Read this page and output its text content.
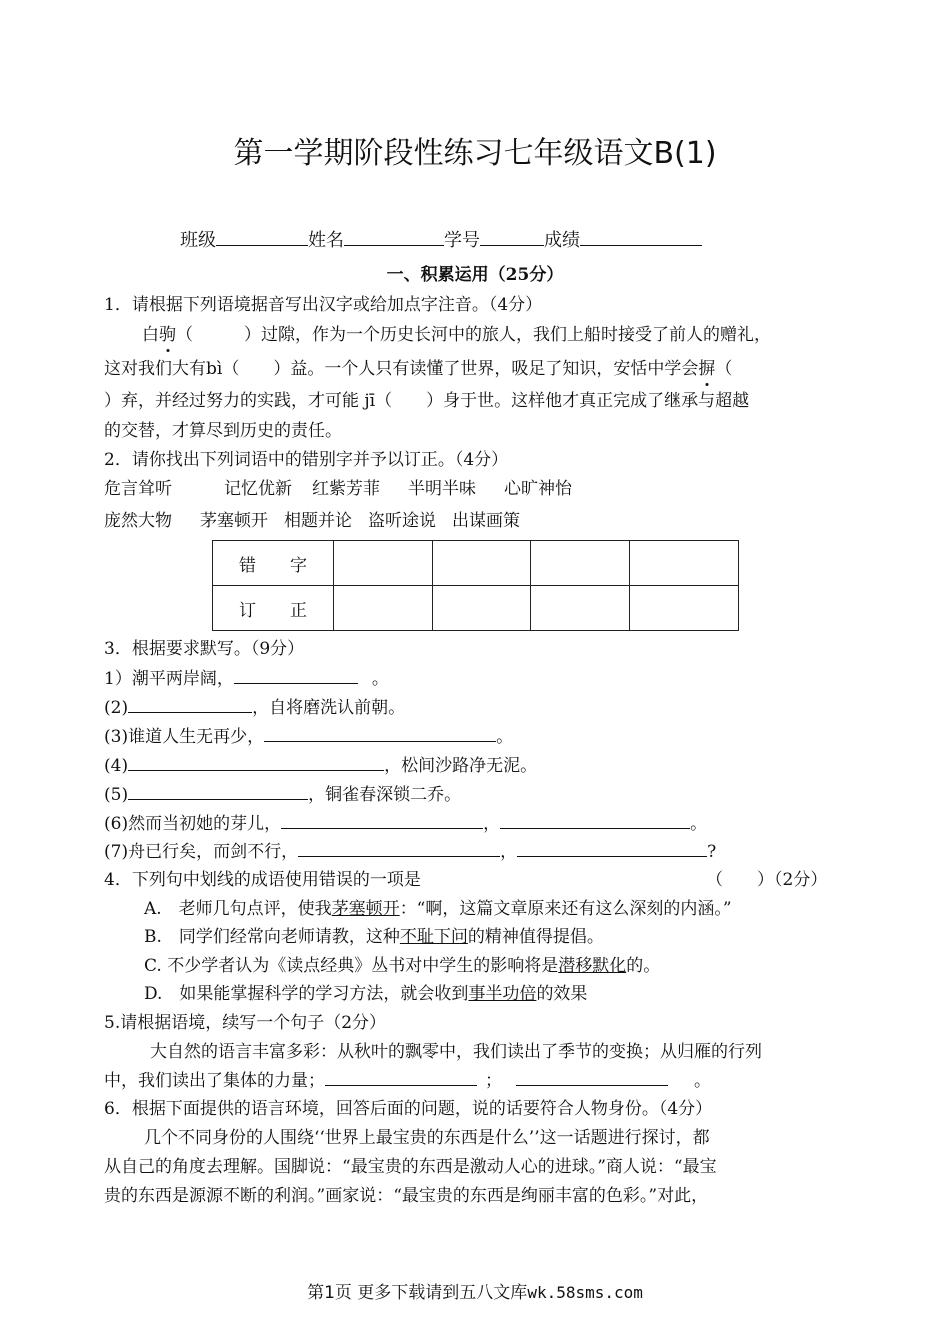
第一学期阶段性练习七年级语文B(1)
班级	姓名	学号	成绩
一、积累运用（25分）
1．请根据下列语境据音写出汉字或给加点字注音。（4分）
白驹（　　　）过隙，作为一个历史长河中的旅人，我们上船时接受了前人的赠礼，
这对我们大有bì（　　）益。一个人只有读懂了世界，吸足了知识，安恬中学会摒（
）弃，并经过努力的实践，才可能 jī（　　）身于世。这样他才真正完成了继承与超越
的交替，才算尽到历史的责任。
2．请你找出下列词语中的错别字并予以订正。（4分）
危言耸听	记忆优新 红紫芳菲 半明半味 心旷神怡
庞然大物 茅塞顿开 相题并论 盗听途说 出谋画策
错　　字				
订　　正				
3．根据要求默写。（9分）
1）潮平两岸阔，	。
(2)	，自将磨洗认前朝。
(3)谁道人生无再少，	。
(4)	，松间沙路净无泥。
(5)	，铜雀春深锁二乔。
(6)然而当初她的芽儿，	，	。
(7)舟已行矣，而剑不行，	，	?
4．下列句中划线的成语使用错误的一项是	（　　）（2分）
A.　老师几句点评，使我茅塞顿开：“啊，这篇文章原来还有这么深刻的内涵。”
B.　同学们经常向老师请教，这种不耻下问的精神值得提倡。
C. 不少学者认为《读点经典》丛书对中学生的影响将是潜移默化的。
D.　如果能掌握科学的学习方法，就会收到事半功倍的效果
5.请根据语境，续写一个句子（2分）
大自然的语言丰富多彩：从秋叶的飘零中，我们读出了季节的变换；从归雁的行列
中，我们读出了集体的力量；	；	。
6．根据下面提供的语言环境，回答后面的问题，说的话要符合人物身份。（4分）
几个不同身份的人围绕‘‘世界上最宝贵的东西是什么’’这一话题进行探讨，都
从自己的角度去理解。国脚说：“最宝贵的东西是激动人心的进球。”商人说：“最宝
贵的东西是源源不断的利润。”画家说：“最宝贵的东西是绚丽丰富的色彩。”对此，
第1页 更多下载请到五八文库wk.58sms.com
